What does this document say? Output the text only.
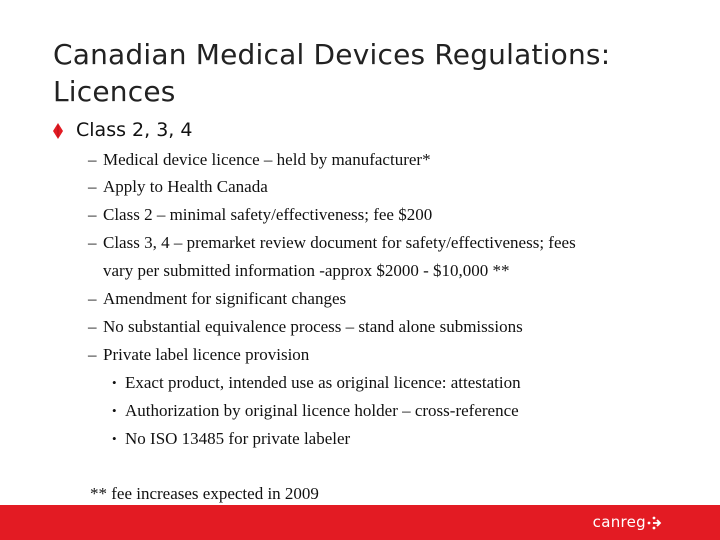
Canadian Medical Devices Regulations: Licences
Class 2, 3, 4
– Medical device licence – held by manufacturer*
– Apply to Health Canada
– Class 2 – minimal safety/effectiveness; fee $200
– Class 3, 4 – premarket review document for safety/effectiveness; fees
vary per submitted information -approx $2000 - $10,000 **
– Amendment for significant changes
– No substantial equivalence process – stand alone submissions
– Private label licence provision
• Exact product, intended use as original licence: attestation
• Authorization by original licence holder – cross-reference
• No ISO 13485 for private labeler
** fee increases expected in 2009
canreg
